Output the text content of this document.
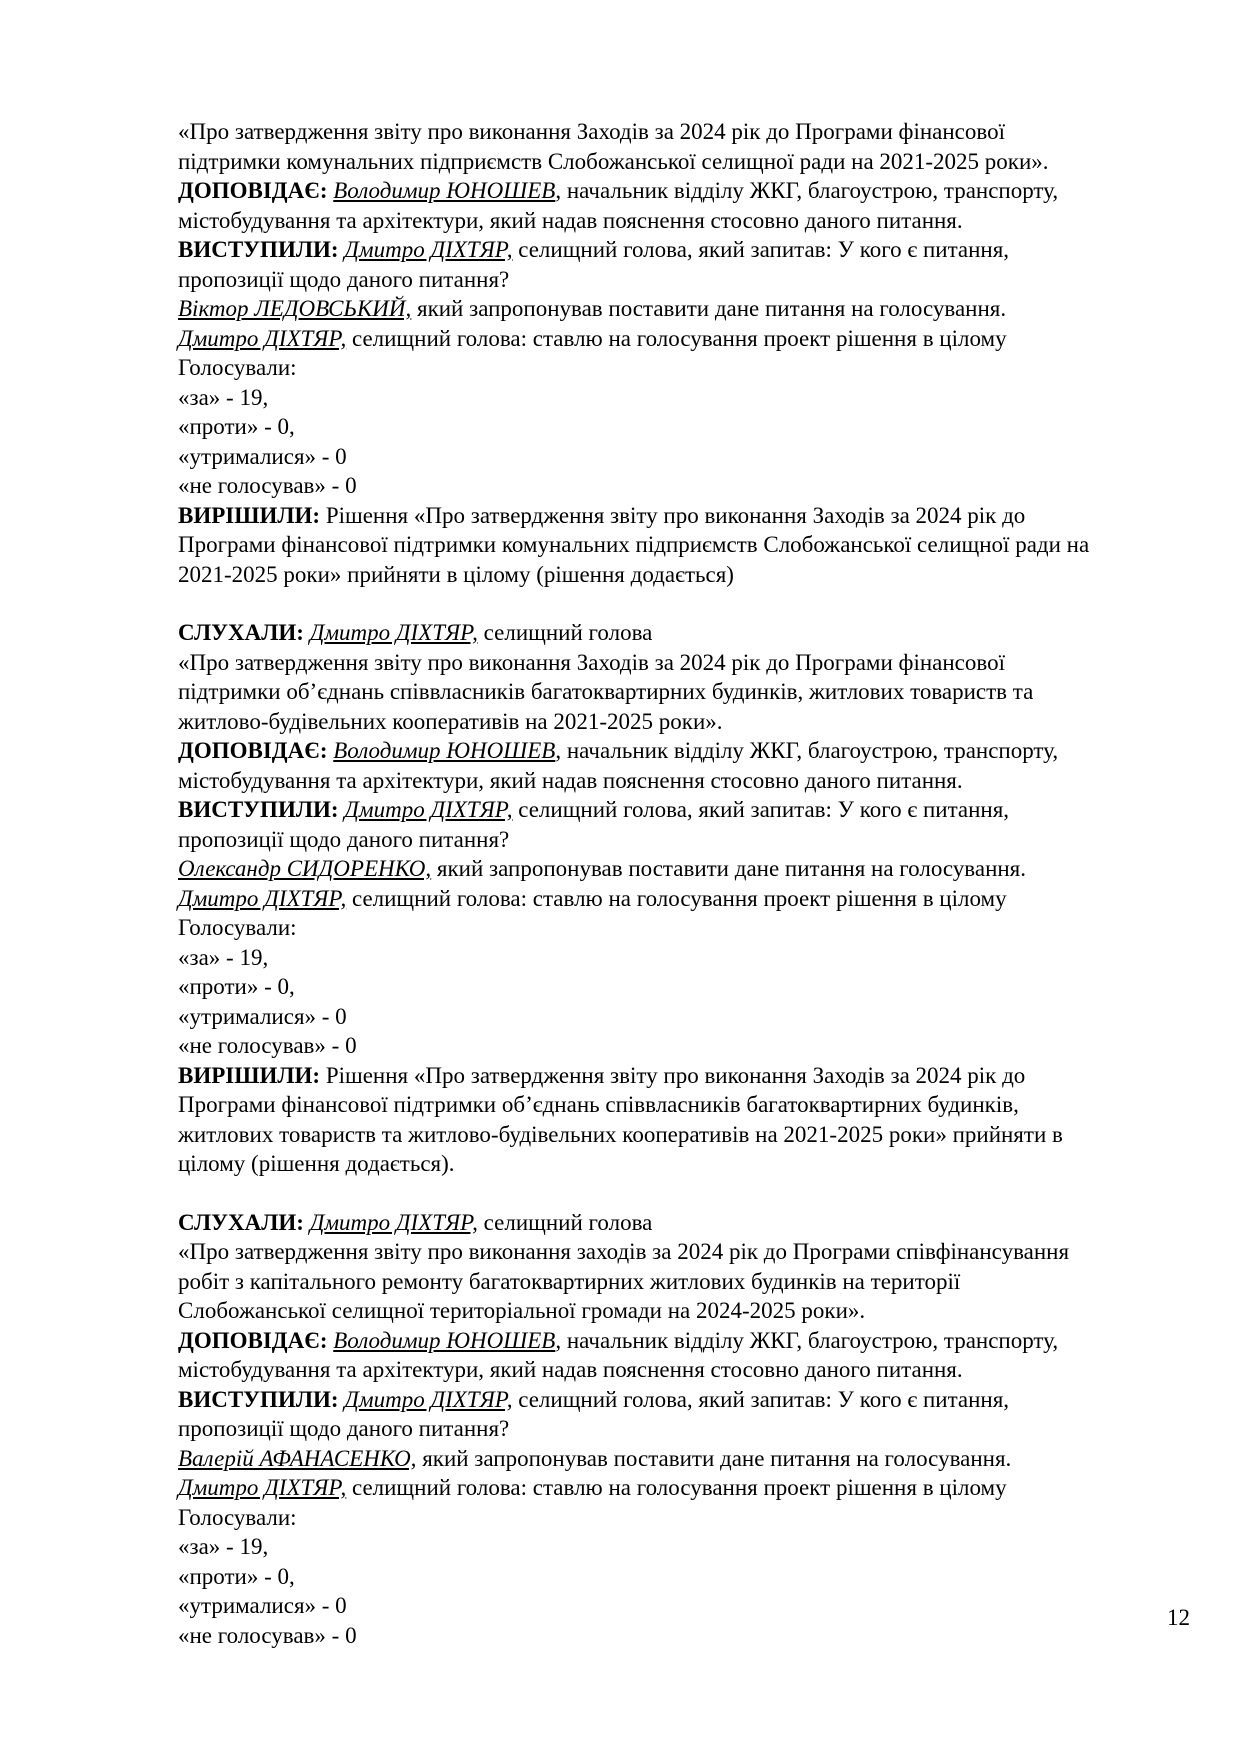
«Про затвердження звіту про виконання Заходів за 2024 рік до Програми фінансової
підтримки комунальних підприємств Слобожанської селищної ради на 2021-2025 роки».

ДОПОВІДАЄ: Володимир ЮНОШЕВ, начальник відділу ЖКГ, благоустрою, транспорту,
містобудування та архітектури, який надав пояснення стосовно даного питання.

ВИСТУПИЛИ: Дмитро ДІХТЯР, селищний голова, який запитав: У кого є питання,
пропозиції щодо даного питання?

Віктор ЛЕДОВСЬКИЙ, який запропонував поставити дане питання на голосування.

Дмитро ДІХТЯР, селищний голова: ставлю на голосування проект рішення в цілому

Голосували:

«за» - 19,

«проти» - 0,

«утрималися» - 0

«не голосував» - 0

ВИРІШИЛИ: Рішення «Про затвердження звіту про виконання Заходів за 2024 рік до
Програми фінансової підтримки комунальних підприємств Слобожанської селищної ради на
2021-2025 роки» прийняти в цілому (рішення додається)

СЛУХАЛИ: Дмитро ДІХТЯР, селищний голова

«Про затвердження звіту про виконання Заходів за 2024 рік до Програми фінансової
підтримки об’єднань співвласників багатоквартирних будинків, житлових товариств та
житлово-будівельних кооперативів на 2021-2025 роки».

ДОПОВІДАЄ: Володимир ЮНОШЕВ, начальник відділу ЖКГ, благоустрою, транспорту,
містобудування та архітектури, який надав пояснення стосовно даного питання.

ВИСТУПИЛИ: Дмитро ДІХТЯР, селищний голова, який запитав: У кого є питання,
пропозиції щодо даного питання?

Олександр СИДОРЕНКО, який запропонував поставити дане питання на голосування.

Дмитро ДІХТЯР, селищний голова: ставлю на голосування проект рішення в цілому

Голосували:

«за» - 19,

«проти» - 0,

«утрималися» - 0

«не голосував» - 0

ВИРІШИЛИ: Рішення «Про затвердження звіту про виконання Заходів за 2024 рік до
Програми фінансової підтримки об’єднань співвласників багатоквартирних будинків,
житлових товариств та житлово-будівельних кооперативів на 2021-2025 роки» прийняти в
цілому (рішення додається).

СЛУХАЛИ: Дмитро ДІХТЯР, селищний голова

«Про затвердження звіту про виконання заходів за 2024 рік до Програми співфінансування
робіт з капітального ремонту багатоквартирних житлових будинків на території
Слобожанської селищної територіальної громади на 2024-2025 роки».

ДОПОВІДАЄ: Володимир ЮНОШЕВ, начальник відділу ЖКГ, благоустрою, транспорту,
містобудування та архітектури, який надав пояснення стосовно даного питання.

ВИСТУПИЛИ: Дмитро ДІХТЯР, селищний голова, який запитав: У кого є питання,
пропозиції щодо даного питання?

Валерій АФАНАСЕНКО, який запропонував поставити дане питання на голосування.

Дмитро ДІХТЯР, селищний голова: ставлю на голосування проект рішення в цілому

Голосували:

«за» - 19,

«проти» - 0,

«утрималися» - 0

«не голосував» - 0

12
